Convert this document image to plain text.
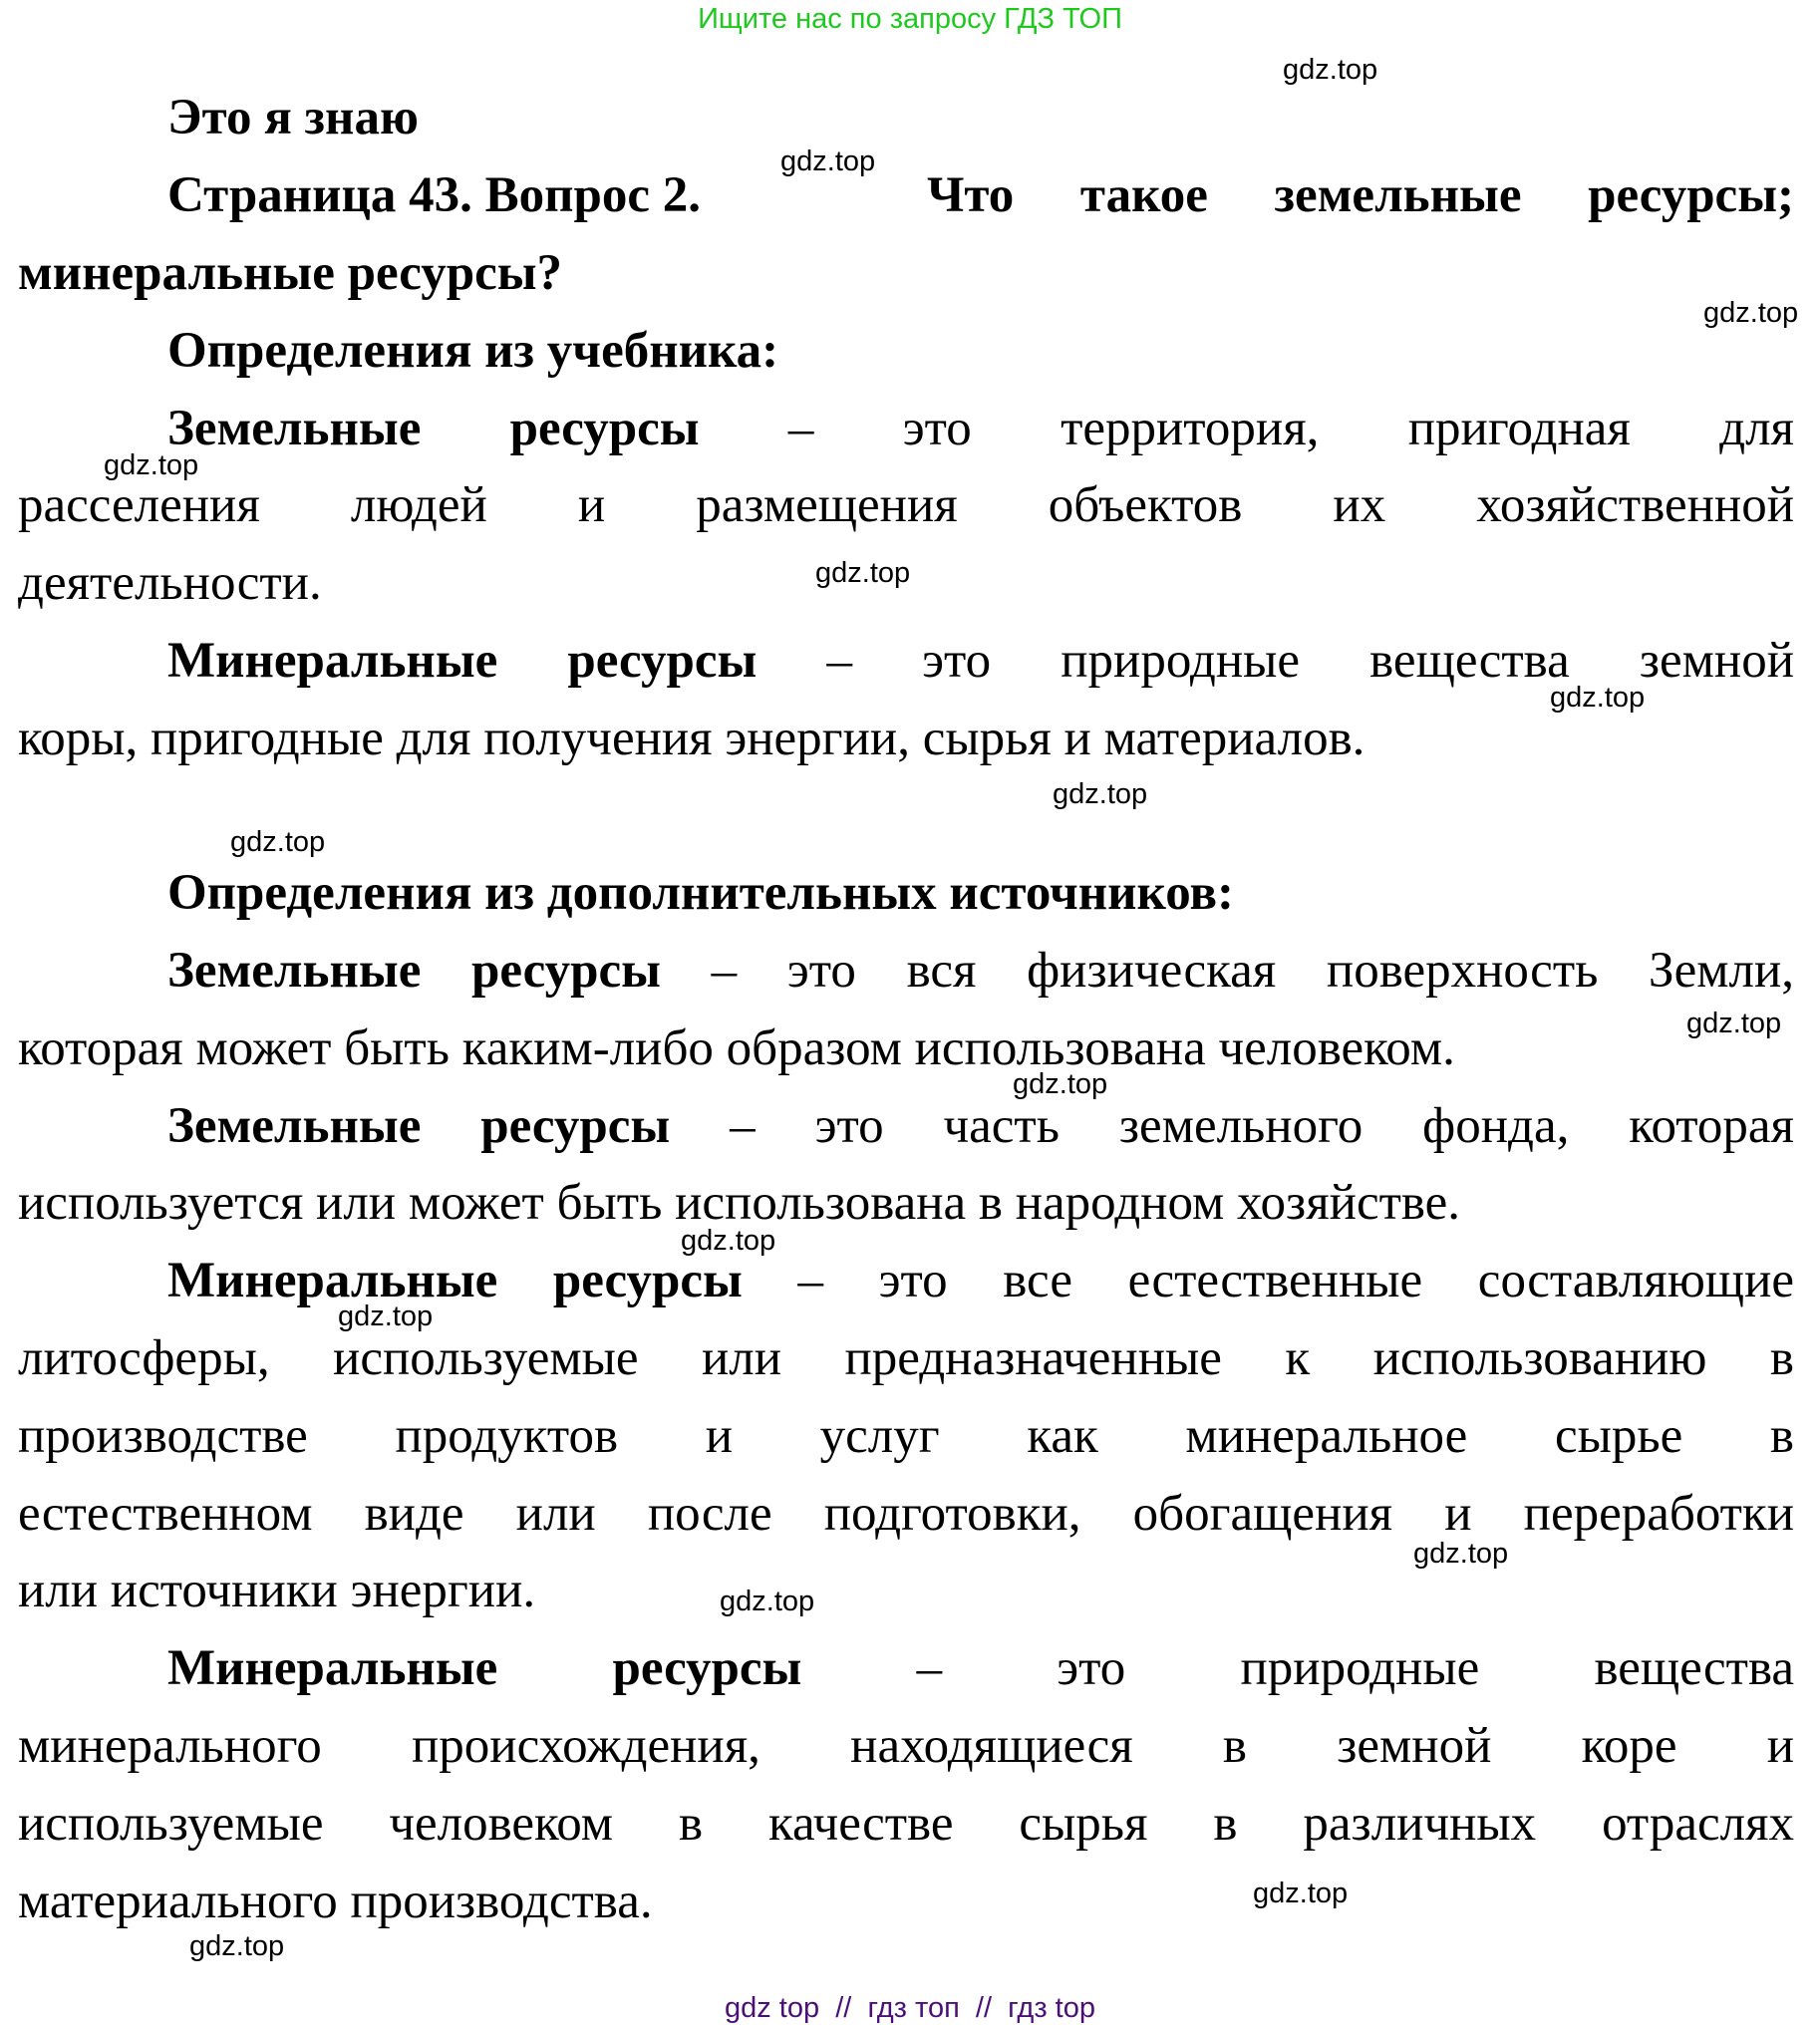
Ищите нас по запросу ГДЗ ТОП
Это я знаю
Страница 43. Вопрос 2.	Что такое земельные ресурсы;
минеральные ресурсы?
Определения из учебника:
Земельные ресурсы – это территория, пригодная для
расселения людей и размещения объектов их хозяйственной
деятельности.
Минеральные ресурсы – это природные вещества земной
коры, пригодные для получения энергии, сырья и материалов.
Определения из дополнительных источников:
Земельные ресурсы – это вся физическая поверхность Земли,
которая может быть каким-либо образом использована человеком.
Земельные ресурсы – это часть земельного фонда, которая
используется или может быть использована в народном хозяйстве.
Минеральные ресурсы – это все естественные составляющие
литосферы, используемые или предназначенные к использованию в
производстве продуктов и услуг как минеральное сырье в
естественном виде или после подготовки, обогащения и переработки
или источники энергии.
Минеральные ресурсы – это природные вещества
минерального происхождения, находящиеся в земной коре и
используемые человеком в качестве сырья в различных отраслях
материального производства.
gdz.top
gdz.top
gdz.top
gdz.top
gdz.top
gdz.top
gdz.top
gdz.top
gdz.top
gdz.top
gdz.top
gdz.top
gdz.top
gdz.top
gdz.top
gdz.top
gdz top  //  гдз топ  //  гдз top
